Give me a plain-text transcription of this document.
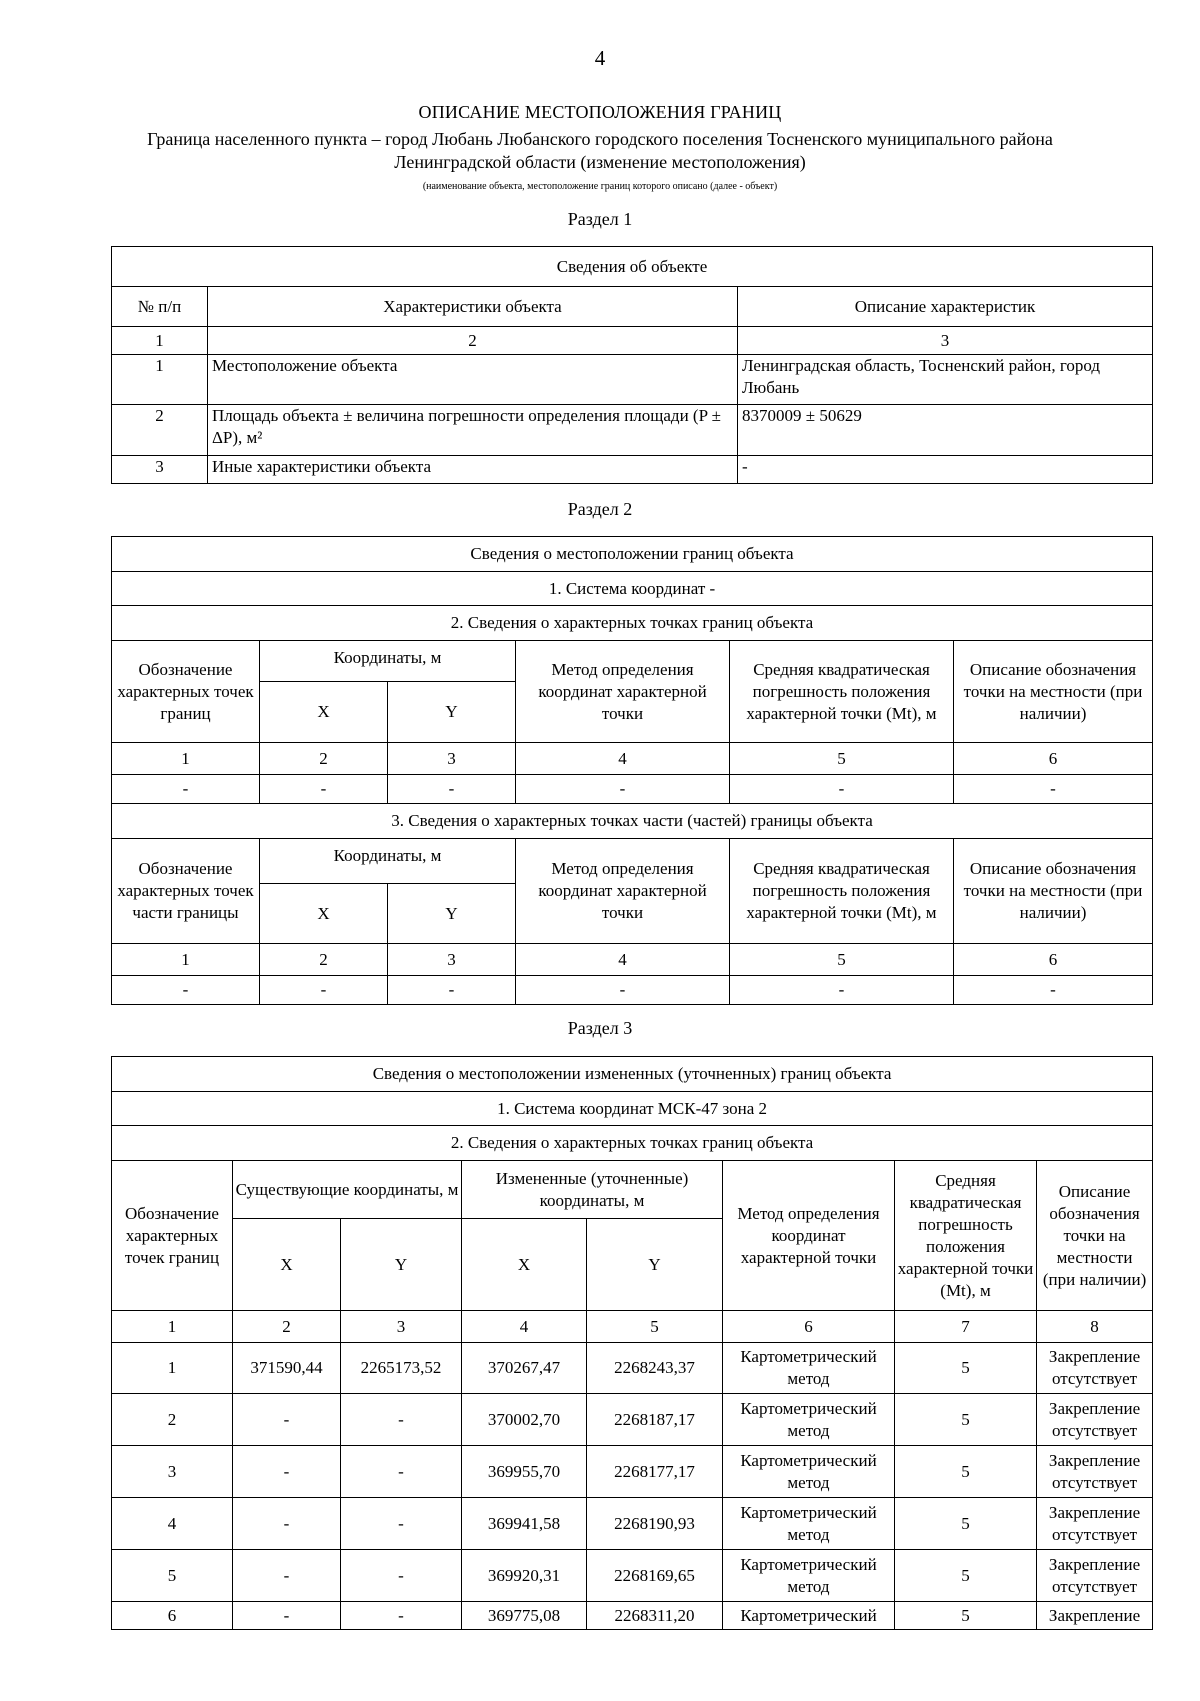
4
ОПИСАНИЕ МЕСТОПОЛОЖЕНИЯ ГРАНИЦ
Граница населенного пункта – город Любань Любанского городского поселения Тосненского муниципального района
Ленинградской области (изменение местоположения)
(наименование объекта, местоположение границ которого описано (далее - объект)
Раздел 1
Сведения об объекте		
№ п/п	Характеристики объекта	Описание характеристик
1	2	3
1	Местоположение объекта	Ленинградская область, Тосненский район, город Любань
2	Площадь объекта ± величина погрешности определения площади (P ± ΔP), м²	8370009 ± 50629
3	Иные характеристики объекта	-
Раздел 2
Сведения о местоположении границ объекта					
1. Система координат -					
2. Сведения о характерных точках границ объекта					
Обозначение характерных точек границ	Координаты, м		Метод определения координат характерной точки	Средняя квадратическая погрешность положения характерной точки (Mt), м	Описание обозначения точки на местности (при наличии)
	X	Y			
1	2	3	4	5	6
-	-	-	-	-	-
3. Сведения о характерных точках части (частей) границы объекта					
Обозначение характерных точек части границы	Координаты, м		Метод определения координат характерной точки	Средняя квадратическая погрешность положения характерной точки (Mt), м	Описание обозначения точки на местности (при наличии)
	X	Y			
1	2	3	4	5	6
-	-	-	-	-	-
Раздел 3
Сведения о местоположении измененных (уточненных) границ объекта							
1. Система координат МСК-47 зона 2							
2. Сведения о характерных точках границ объекта							
Обозначение характерных точек границ	Существующие координаты, м		Измененные (уточненные) координаты, м		Метод определения координат характерной точки	Средняя квадратическая погрешность положения характерной точки (Mt), м	Описание обозначения точки на местности (при наличии)
	X	Y	X	Y			
1	2	3	4	5	6	7	8
1	371590,44	2265173,52	370267,47	2268243,37	Картометрический метод	5	Закрепление отсутствует
2	-	-	370002,70	2268187,17	Картометрический метод	5	Закрепление отсутствует
3	-	-	369955,70	2268177,17	Картометрический метод	5	Закрепление отсутствует
4	-	-	369941,58	2268190,93	Картометрический метод	5	Закрепление отсутствует
5	-	-	369920,31	2268169,65	Картометрический метод	5	Закрепление отсутствует
6	-	-	369775,08	2268311,20	Картометрический	5	Закрепление
